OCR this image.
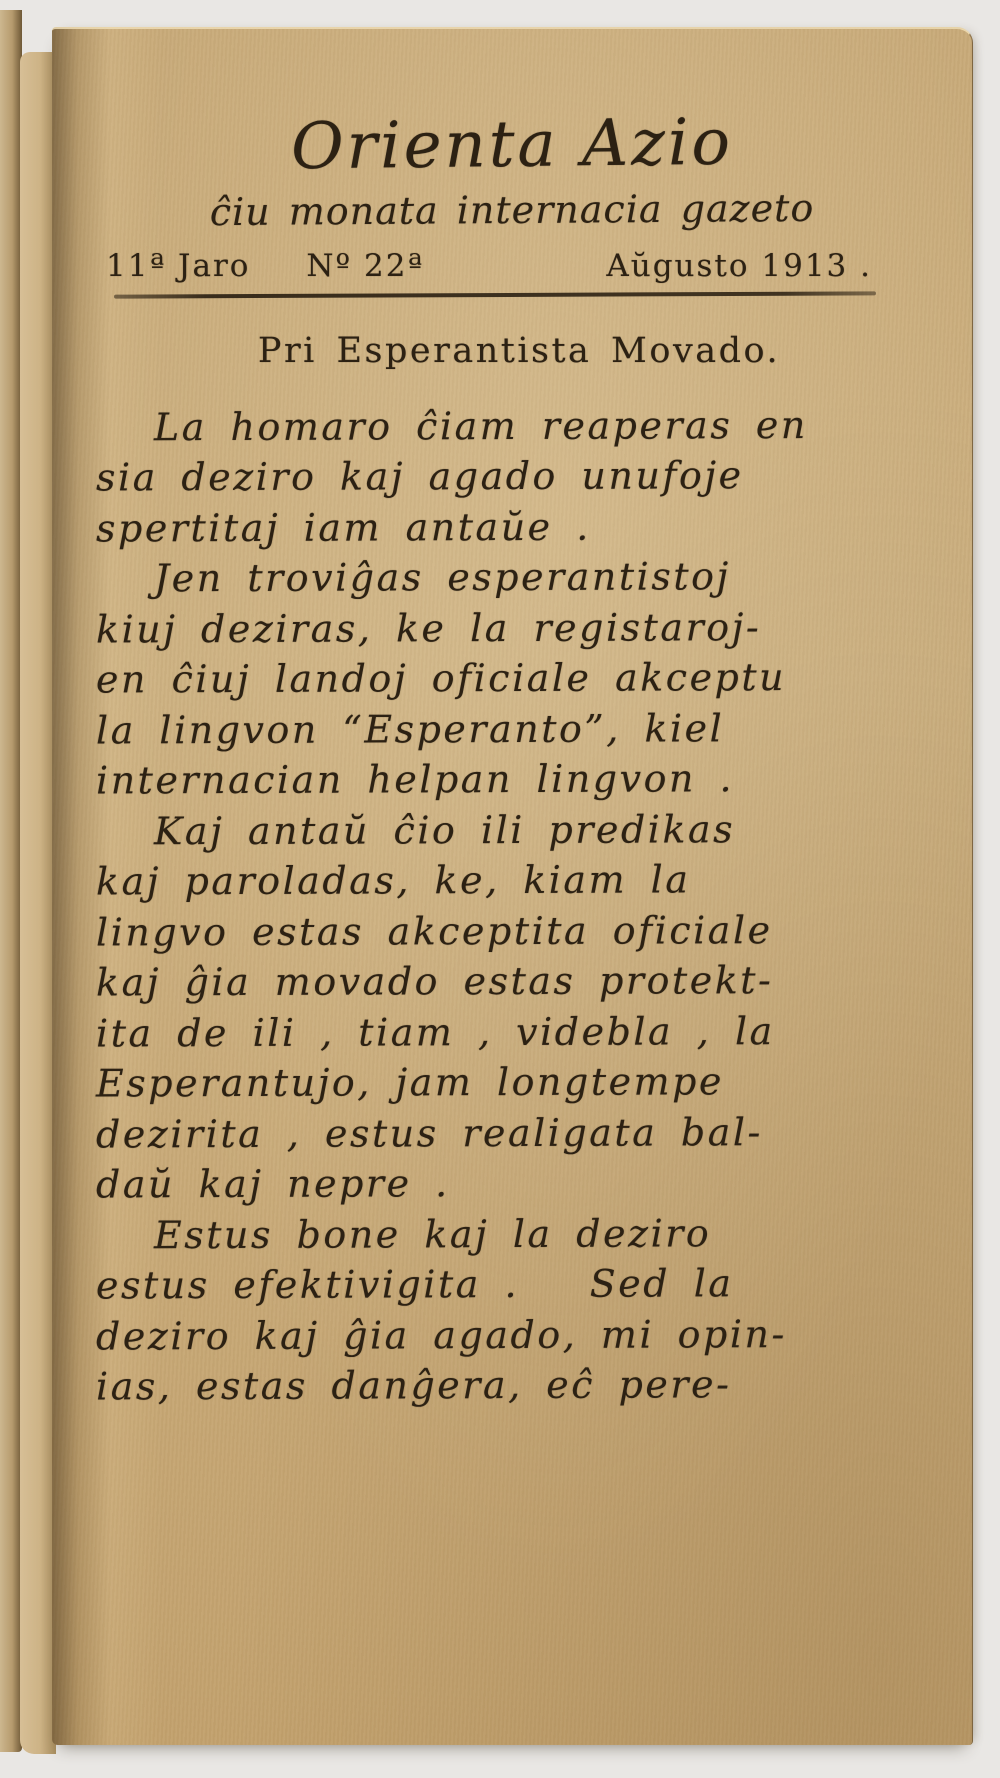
Orienta Azio
ĉiu monata internacia gazeto
11ª Jaro Nº 22ª	Aŭgusto 1913 .
Pri Esperantista Movado.
La homaro ĉiam reaperas en
sia deziro kaj agado unufoje
spertitaj iam antaŭe .
Jen troviĝas esperantistoj
kiuj deziras, ke la registaroj-
en ĉiuj landoj oficiale akceptu
la lingvon “Esperanto”, kiel
internacian helpan lingvon .
Kaj antaŭ ĉio ili predikas
kaj paroladas, ke, kiam la
lingvo estas akceptita oficiale
kaj ĝia movado estas protekt-
ita de ili , tiam , videbla , la
Esperantujo, jam longtempe
dezirita , estus realigata bal-
daŭ kaj nepre .
Estus bone kaj la deziro
estus efektivigita .   Sed la
deziro kaj ĝia agado, mi opin-
ias, estas danĝera, eĉ pere-
